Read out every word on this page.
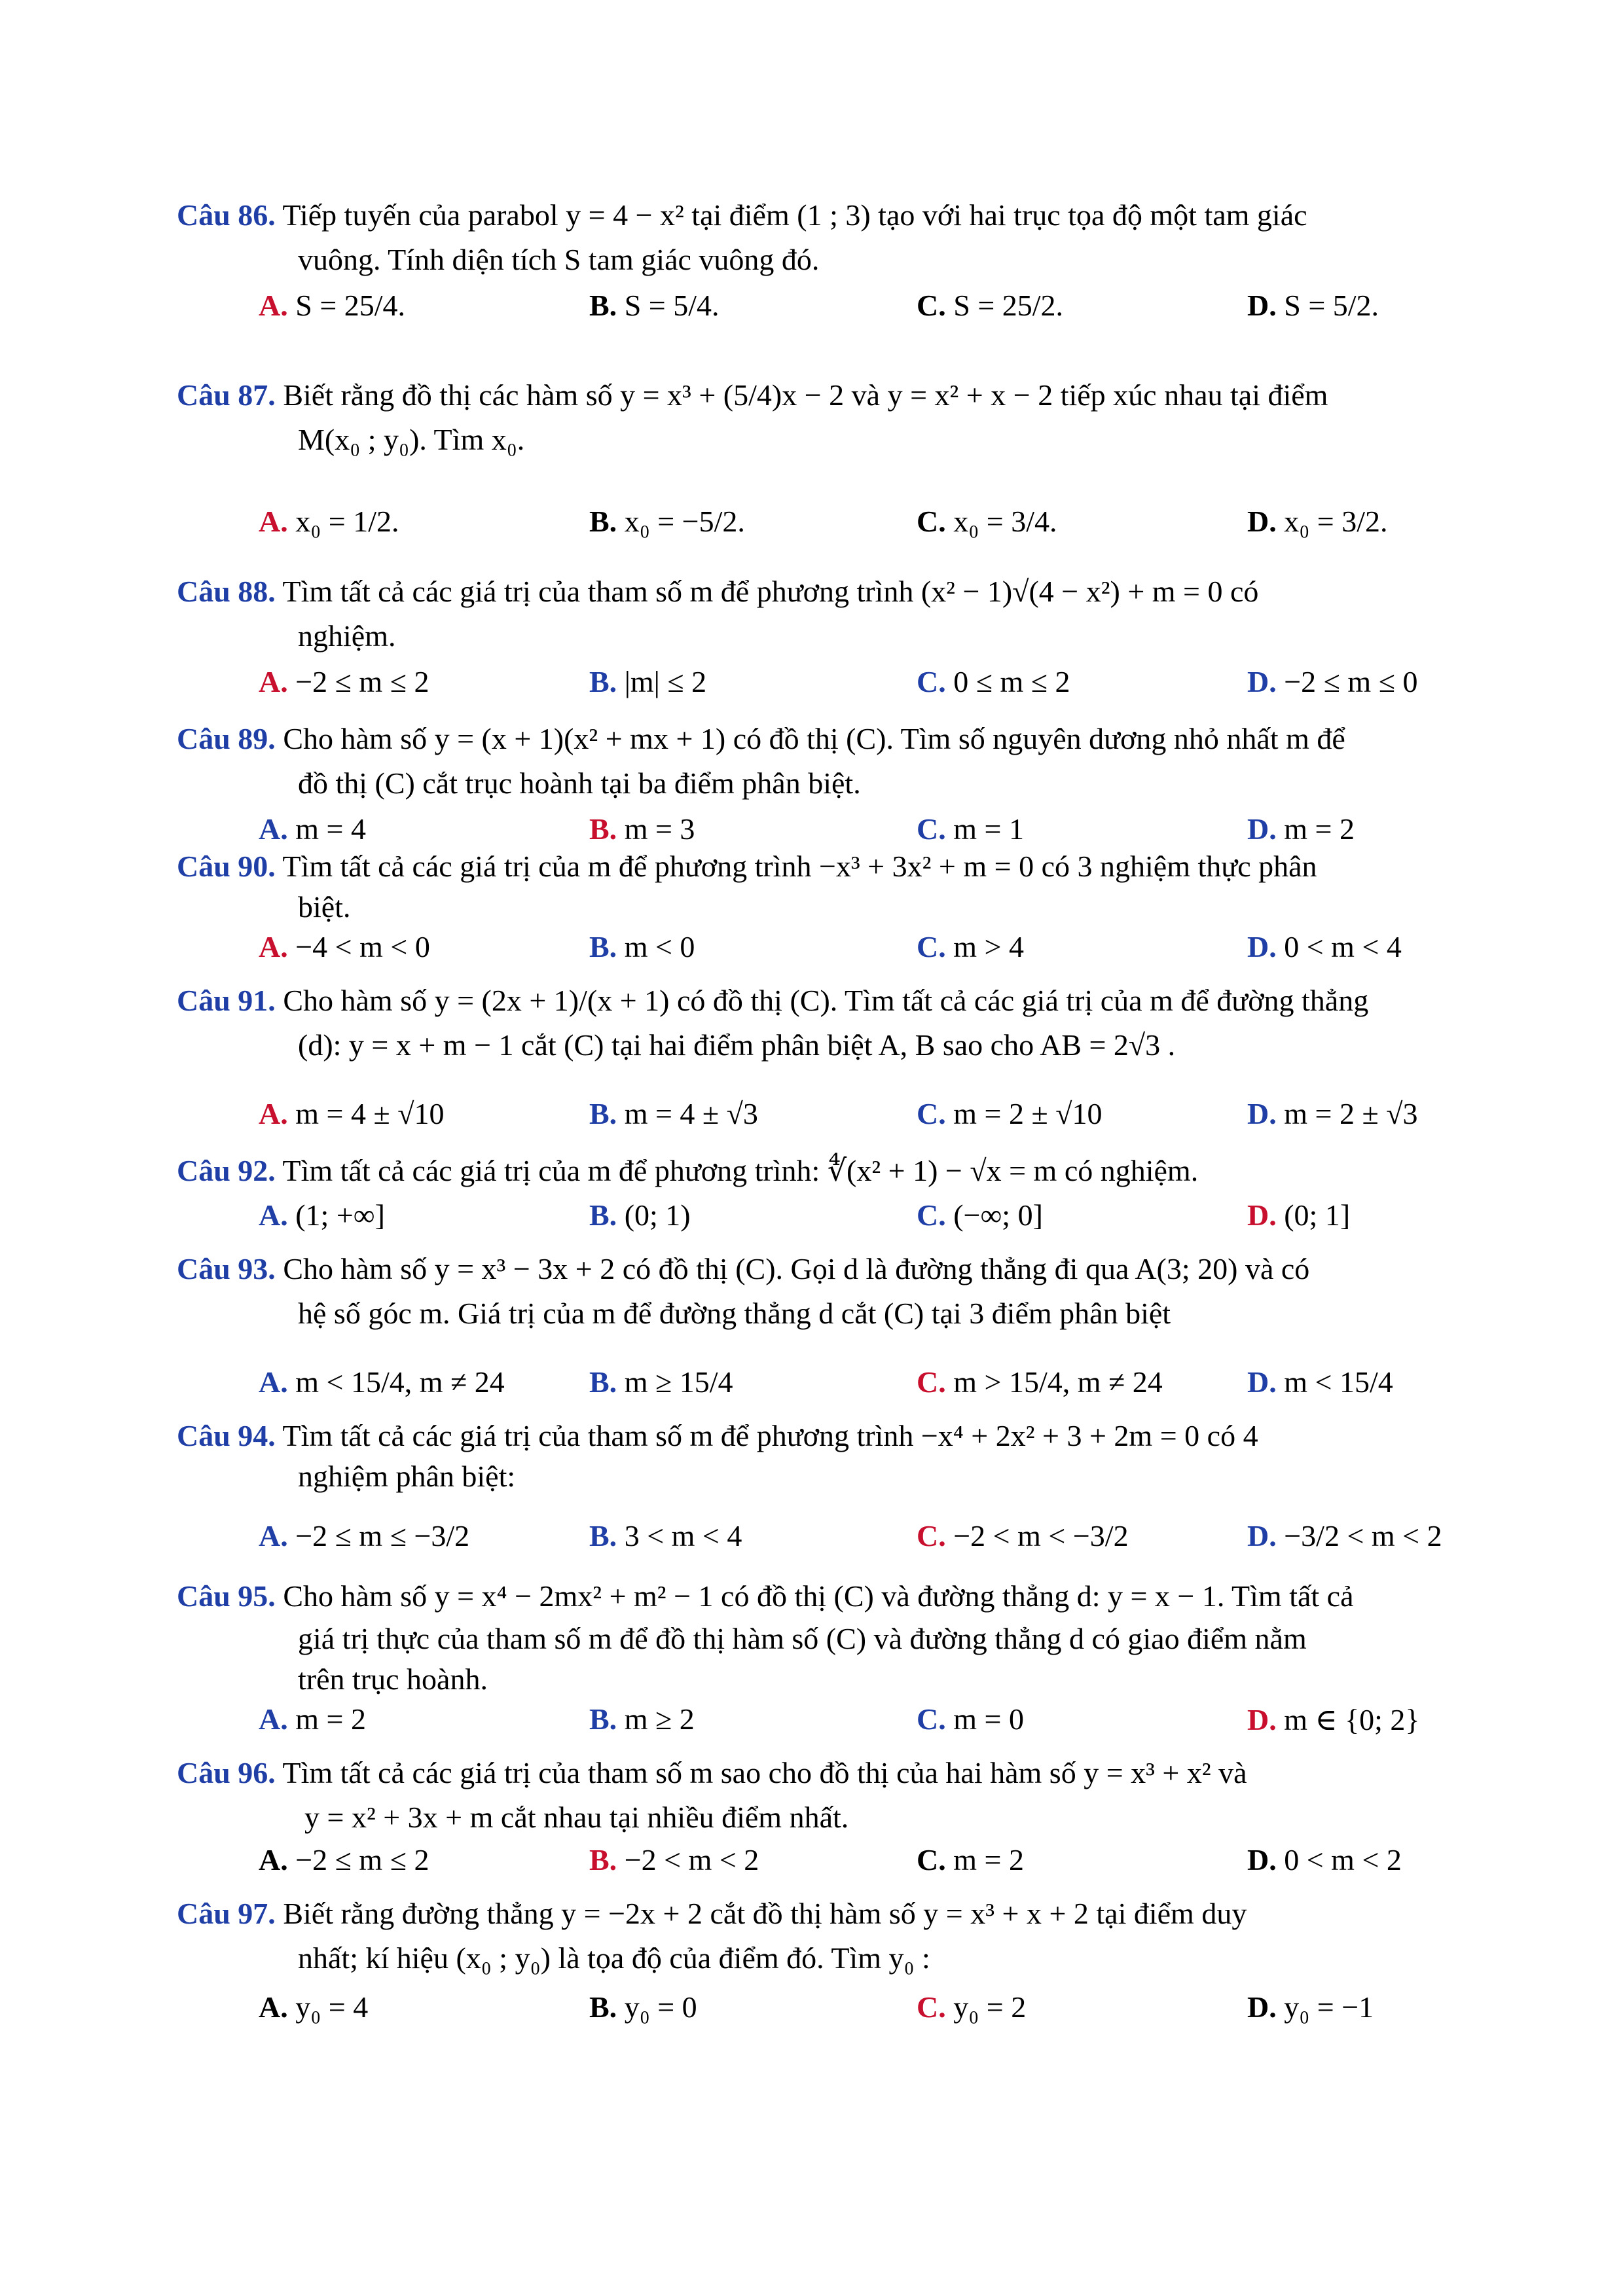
Câu 86. Tiếp tuyến của parabol y = 4 − x² tại điểm (1 ; 3) tạo với hai trục tọa độ một tam giác
vuông. Tính diện tích S tam giác vuông đó.
A. S = 25/4.	B. S = 5/4.	C. S = 25/2.	D. S = 5/2.
Câu 87. Biết rằng đồ thị các hàm số y = x³ + (5/4)x − 2 và y = x² + x − 2 tiếp xúc nhau tại điểm
M(x₀ ; y₀). Tìm x₀.
A. x₀ = 1/2.	B. x₀ = −5/2.	C. x₀ = 3/4.	D. x₀ = 3/2.
Câu 88. Tìm tất cả các giá trị của tham số m để phương trình (x² − 1)√(4 − x²) + m = 0 có
nghiệm.
A. −2 ≤ m ≤ 2	B. |m| ≤ 2	C. 0 ≤ m ≤ 2	D. −2 ≤ m ≤ 0
Câu 89. Cho hàm số y = (x + 1)(x² + mx + 1) có đồ thị (C). Tìm số nguyên dương nhỏ nhất m để
đồ thị (C) cắt trục hoành tại ba điểm phân biệt.
A. m = 4	B. m = 3	C. m = 1	D. m = 2
Câu 90. Tìm tất cả các giá trị của m để phương trình −x³ + 3x² + m = 0 có 3 nghiệm thực phân
biệt.
A. −4 < m < 0	B. m < 0	C. m > 4	D. 0 < m < 4
Câu 91. Cho hàm số y = (2x + 1)/(x + 1) có đồ thị (C). Tìm tất cả các giá trị của m để đường thẳng
(d): y = x + m − 1 cắt (C) tại hai điểm phân biệt A, B sao cho AB = 2√3 .
A. m = 4 ± √10	B. m = 4 ± √3	C. m = 2 ± √10	D. m = 2 ± √3
Câu 92. Tìm tất cả các giá trị của m để phương trình: ∜(x² + 1) − √x = m có nghiệm.
A. (1; +∞]	B. (0; 1)	C. (−∞; 0]	D. (0; 1]
Câu 93. Cho hàm số y = x³ − 3x + 2 có đồ thị (C). Gọi d là đường thẳng đi qua A(3; 20) và có
hệ số góc m. Giá trị của m để đường thẳng d cắt (C) tại 3 điểm phân biệt
A. m < 15/4, m ≠ 24	B. m ≥ 15/4	C. m > 15/4, m ≠ 24	D. m < 15/4
Câu 94. Tìm tất cả các giá trị của tham số m để phương trình −x⁴ + 2x² + 3 + 2m = 0 có 4
nghiệm phân biệt:
A. −2 ≤ m ≤ −3/2	B. 3 < m < 4	C. −2 < m < −3/2	D. −3/2 < m < 2
Câu 95. Cho hàm số y = x⁴ − 2mx² + m² − 1 có đồ thị (C) và đường thẳng d: y = x − 1. Tìm tất cả
giá trị thực của tham số m để đồ thị hàm số (C) và đường thẳng d có giao điểm nằm
trên trục hoành.
A. m = 2	B. m ≥ 2	C. m = 0	D. m ∈ {0; 2}
Câu 96. Tìm tất cả các giá trị của tham số m sao cho đồ thị của hai hàm số y = x³ + x² và
y = x² + 3x + m cắt nhau tại nhiều điểm nhất.
A. −2 ≤ m ≤ 2	B. −2 < m < 2	C. m = 2	D. 0 < m < 2
Câu 97. Biết rằng đường thẳng y = −2x + 2 cắt đồ thị hàm số y = x³ + x + 2 tại điểm duy
nhất; kí hiệu (x₀ ; y₀) là tọa độ của điểm đó. Tìm y₀ :
A. y₀ = 4	B. y₀ = 0	C. y₀ = 2	D. y₀ = −1
